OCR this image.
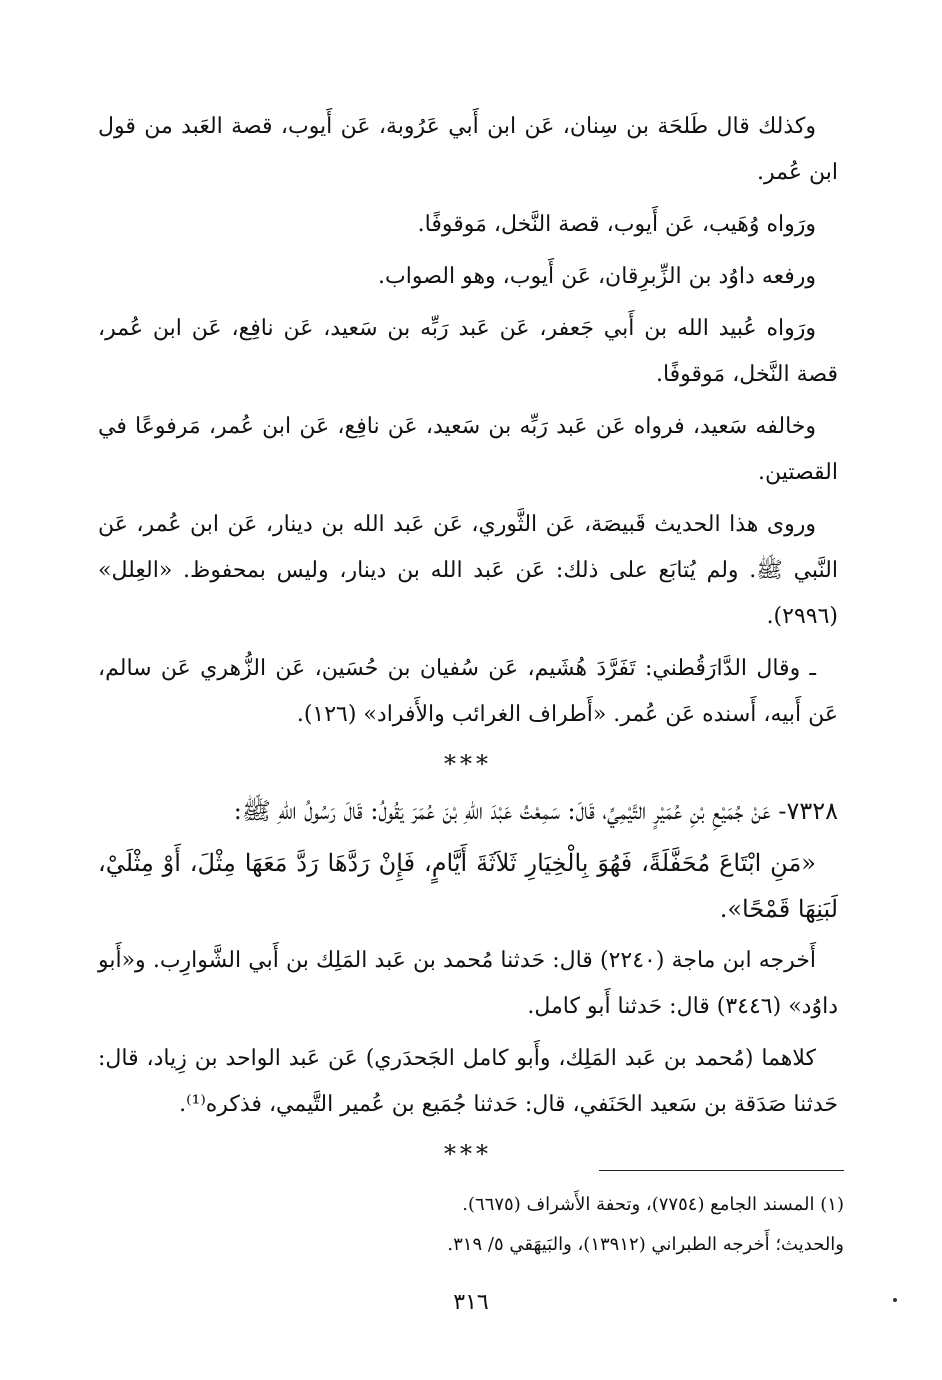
وكذلك قال طَلحَة بن سِنان، عَن ابن أَبي عَرُوبة، عَن أَيوب، قصة العَبد من قول ابن عُمر.

ورَواه وُهَيب، عَن أَيوب، قصة النَّخل، مَوقوفًا.

ورفعه داوُد بن الزِّبرِقان، عَن أَيوب، وهو الصواب.

ورَواه عُبيد الله بن أَبي جَعفر، عَن عَبد رَبِّه بن سَعيد، عَن نافِع، عَن ابن عُمر، قصة النَّخل، مَوقوفًا.

وخالفه سَعيد، فرواه عَن عَبد رَبِّه بن سَعيد، عَن نافِع، عَن ابن عُمر، مَرفوعًا في القصتين.

وروى هذا الحديث قَبيصَة، عَن الثَّوري، عَن عَبد الله بن دينار، عَن ابن عُمر، عَن النَّبي ﷺ. ولم يُتابَع على ذلك: عَن عَبد الله بن دينار، وليس بمحفوظ. «العِلل» (٢٩٩٦).

ـ وقال الدَّارَقُطني: تَفَرَّدَ هُشَيم، عَن سُفيان بن حُسَين، عَن الزُّهري عَن سالم، عَن أَبيه، أَسنده عَن عُمر. «أَطراف الغرائب والأَفراد» (١٢٦).

***

٧٣٢٨- عَنْ جُمَيْعِ بْنِ عُمَيْرٍ التَّيْمِيِّ، قَالَ: سَمِعْتُ عَبْدَ اللهِ بْنَ عُمَرَ يَقُولُ: قَالَ رَسُولُ اللهِ ﷺ:

«مَنِ ابْتَاعَ مُحَفَّلَةً، فَهُوَ بِالْخِيَارِ ثَلاَثَةَ أَيَّامٍ، فَإِنْ رَدَّهَا رَدَّ مَعَهَا مِثْلَ، أَوْ مِثْلَيْ، لَبَنِهَا قَمْحًا».

أَخرجه ابن ماجة (٢٢٤٠) قال: حَدثنا مُحمد بن عَبد المَلِك بن أَبي الشَّوارِب. و«أَبو داوُد» (٣٤٤٦) قال: حَدثنا أَبو كامل.

كلاهما (مُحمد بن عَبد المَلِك، وأَبو كامل الجَحدَري) عَن عَبد الواحد بن زِياد، قال: حَدثنا صَدَقة بن سَعيد الحَنَفي، قال: حَدثنا جُمَيع بن عُمير التَّيمي، فذكره⁽¹⁾.

***

(١) المسند الجامع (٧٧٥٤)، وتحفة الأَشراف (٦٦٧٥).

والحديث؛ أَخرجه الطبراني (١٣٩١٢)، والبَيهَقي ٥/ ٣١٩.

٣١٦
